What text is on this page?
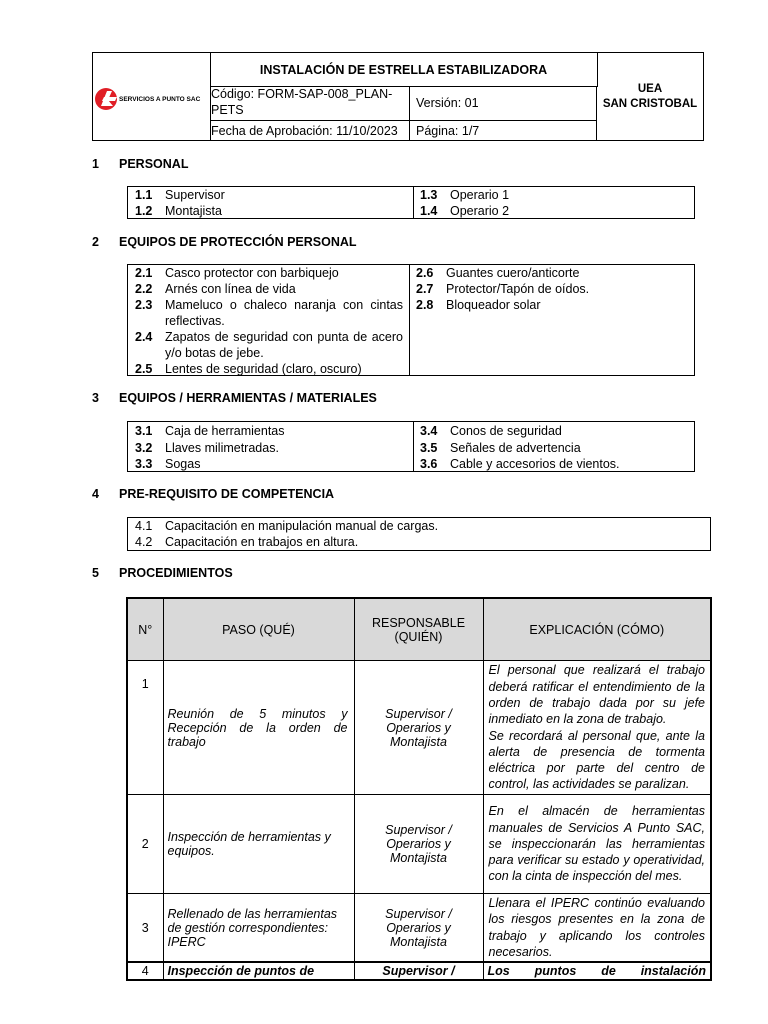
SERVICIOS A PUNTO SAC
INSTALACIÓN DE ESTRELLA ESTABILIZADORA
Código: FORM-SAP-008_PLAN-PETS	Versión: 01
Fecha de Aprobación: 11/10/2023	Página: 1/7
UEA
SAN CRISTOBAL
1 PERSONAL
1.1	Supervisor
1.2	Montajista
1.3	Operario 1
1.4	Operario 2
2 EQUIPOS DE PROTECCIÓN PERSONAL
2.1	Casco protector con barbiquejo
2.2	Arnés con línea de vida
2.3	Mameluco o chaleco naranja con cintas reflectivas.
2.4	Zapatos de seguridad con punta de acero y/o botas de jebe.
2.5	Lentes de seguridad (claro, oscuro)
2.6	Guantes cuero/anticorte
2.7	Protector/Tapón de oídos.
2.8	Bloqueador solar
3 EQUIPOS / HERRAMIENTAS / MATERIALES
3.1	Caja de herramientas
3.2	Llaves milimetradas.
3.3	Sogas
3.4	Conos de seguridad
3.5	Señales de advertencia
3.6	Cable y accesorios de vientos.
4 PRE-REQUISITO DE COMPETENCIA
4.1	Capacitación en manipulación manual de cargas.
4.2	Capacitación en trabajos en altura.
5 PROCEDIMIENTOS
N°	PASO (QUÉ)	RESPONSABLE (QUIÉN)	EXPLICACIÓN (CÓMO)
1	Reunión de 5 minutos y Recepción de la orden de trabajo	Supervisor / Operarios y Montajista	El personal que realizará el trabajo deberá ratificar el entendimiento de la orden de trabajo dada por su jefe inmediato en la zona de trabajo.
Se recordará al personal que, ante la alerta de presencia de tormenta eléctrica por parte del centro de control, las actividades se paralizan.

2	Inspección de herramientas y equipos.	Supervisor / Operarios y Montajista	En el almacén de herramientas manuales de Servicios A Punto SAC, se inspeccionarán las herramientas para verificar su estado y operatividad, con la cinta de inspección del mes.
3	Rellenado de las herramientas de gestión correspondientes: IPERC	Supervisor / Operarios y Montajista	Llenara el IPERC continúo evaluando los riesgos presentes en la zona de trabajo y aplicando los controles necesarios.
4	Inspección de puntos de	Supervisor /	Los puntos de instalación
